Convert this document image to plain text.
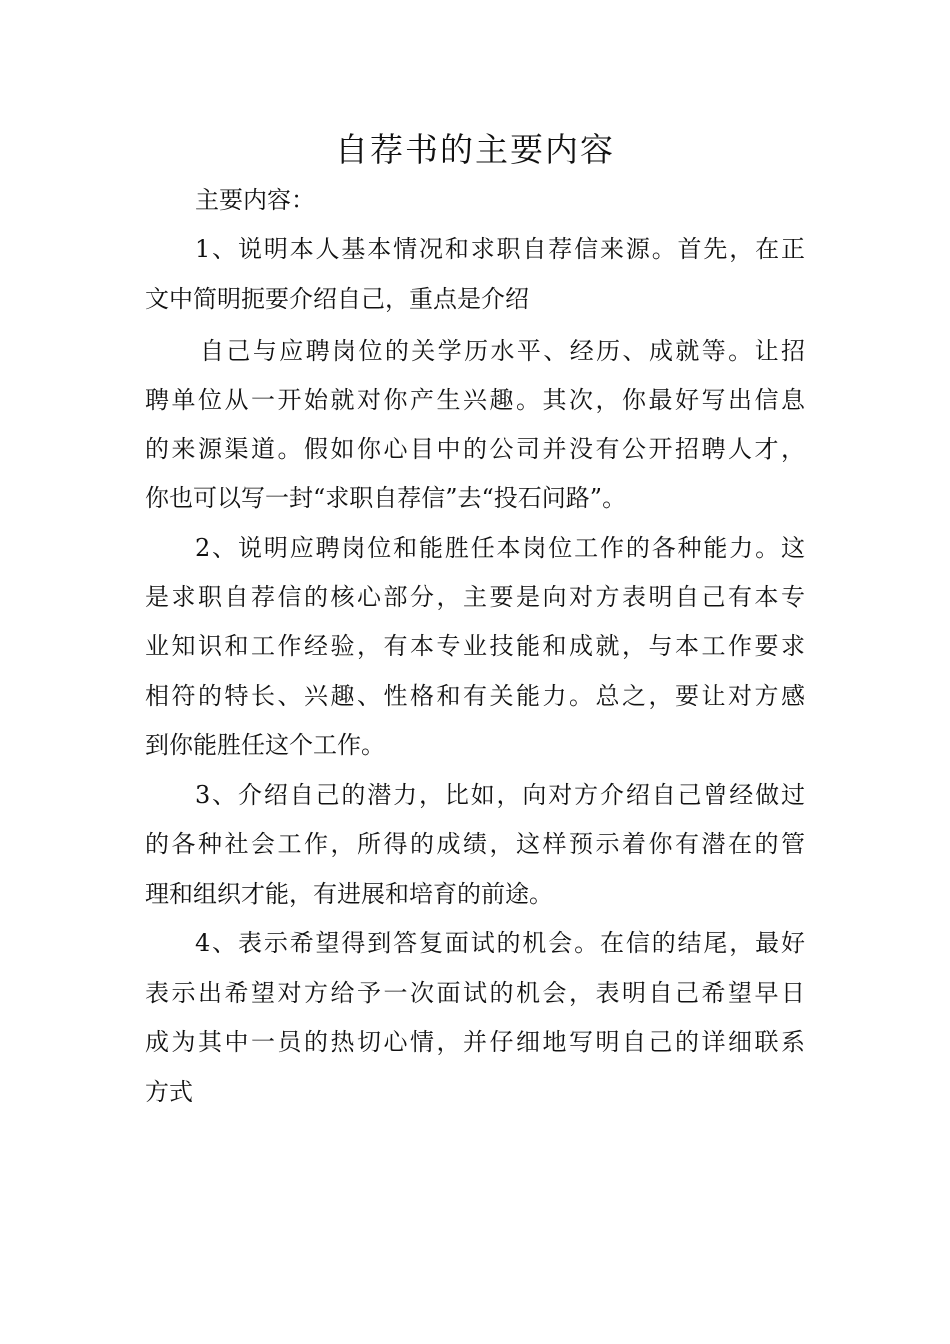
自荐书的主要内容
主要内容：
1、说明本人基本情况和求职自荐信来源。首先，在正
文中简明扼要介绍自己，重点是介绍
自己与应聘岗位的关学历水平、经历、成就等。让招
聘单位从一开始就对你产生兴趣。其次，你最好写出信息
的来源渠道。假如你心目中的公司并没有公开招聘人才，
你也可以写一封“求职自荐信”去“投石问路”。
2、说明应聘岗位和能胜任本岗位工作的各种能力。这
是求职自荐信的核心部分，主要是向对方表明自己有本专
业知识和工作经验，有本专业技能和成就，与本工作要求
相符的特长、兴趣、性格和有关能力。总之，要让对方感
到你能胜任这个工作。
3、介绍自己的潜力，比如，向对方介绍自己曾经做过
的各种社会工作，所得的成绩，这样预示着你有潜在的管
理和组织才能，有进展和培育的前途。
4、表示希望得到答复面试的机会。在信的结尾，最好
表示出希望对方给予一次面试的机会，表明自己希望早日
成为其中一员的热切心情，并仔细地写明自己的详细联系
方式
